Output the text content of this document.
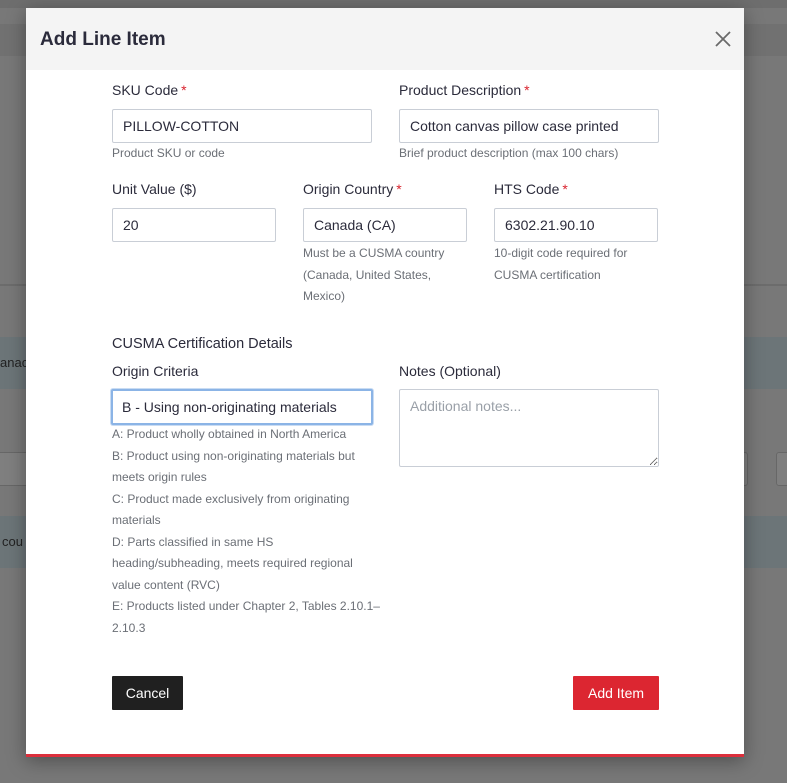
Add Line Item
SKU Code *
PILLOW-COTTON
Product SKU or code
Product Description *
Cotton canvas pillow case printed
Brief product description (max 100 chars)
Unit Value ($)
20	Origin Country *
Canada (CA)

Must be a CUSMA country

(Canada, United States,

Mexico)

HTS Code *
6302.21.90.10

10-digit code required for

CUSMA certification

CUSMA Certification Details
Origin Criteria
B - Using non-originating materials

A: Product wholly obtained in North America

B: Product using non-originating materials but

meets origin rules

C: Product made exclusively from originating

materials

D: Parts classified in same HS

heading/subheading, meets required regional

value content (RVC)

E: Products listed under Chapter 2, Tables 2.10.1–

2.10.3

Notes (Optional)
Additional notes...
Cancel	Add Item
